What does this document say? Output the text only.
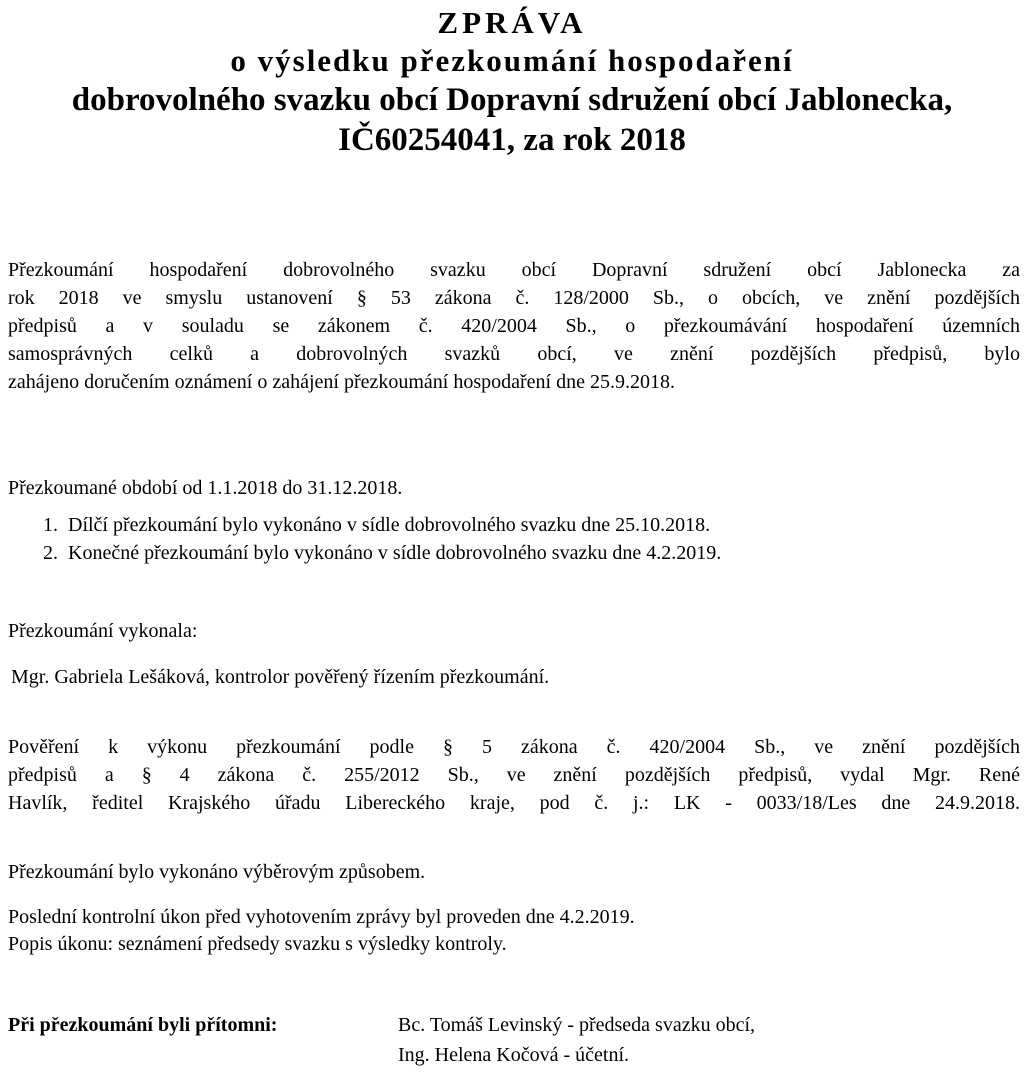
ZPRÁVA
o výsledku přezkoumání hospodaření
dobrovolného svazku obcí Dopravní sdružení obcí Jablonecka,
IČ60254041, za rok 2018
Přezkoumání hospodaření dobrovolného svazku obcí Dopravní sdružení obcí Jablonecka za
rok 2018 ve smyslu ustanovení § 53 zákona č. 128/2000 Sb., o obcích, ve znění pozdějších
předpisů a v souladu se zákonem č. 420/2004 Sb., o přezkoumávání hospodaření územních
samosprávných celků a dobrovolných svazků obcí, ve znění pozdějších předpisů, bylo
zahájeno doručením oznámení o zahájení přezkoumání hospodaření dne 25.9.2018.
Přezkoumané období od 1.1.2018 do 31.12.2018.
1. Dílčí přezkoumání bylo vykonáno v sídle dobrovolného svazku dne 25.10.2018.
2. Konečné přezkoumání bylo vykonáno v sídle dobrovolného svazku dne 4.2.2019.
Přezkoumání vykonala:
Mgr. Gabriela Lešáková, kontrolor pověřený řízením přezkoumání.
Pověření k výkonu přezkoumání podle § 5 zákona č. 420/2004 Sb., ve znění pozdějších
předpisů a § 4 zákona č. 255/2012 Sb., ve znění pozdějších předpisů, vydal Mgr. René
Havlík, ředitel Krajského úřadu Libereckého kraje, pod č. j.: LK - 0033/18/Les dne 24.9.2018.
Přezkoumání bylo vykonáno výběrovým způsobem.
Poslední kontrolní úkon před vyhotovením zprávy byl proveden dne 4.2.2019.
Popis úkonu: seznámení předsedy svazku s výsledky kontroly.
Při přezkoumání byli přítomni:	Bc. Tomáš Levinský - předseda svazku obcí,
Ing. Helena Kočová - účetní.
